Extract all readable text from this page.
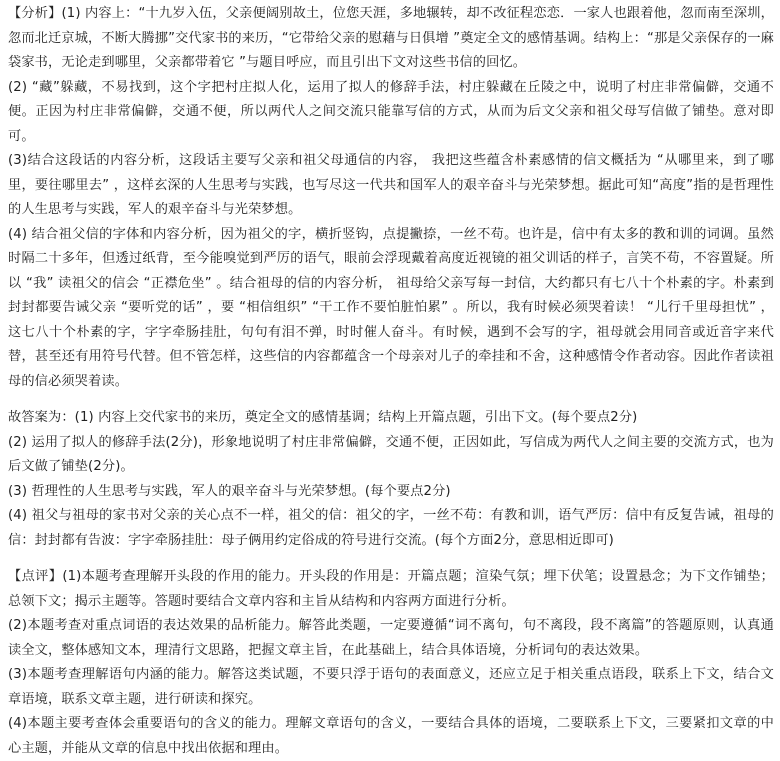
【分析】(1) 内容上：“十九岁入伍，父亲便阔别故土，位您天涯，多地辗转，却不改征程恋恋．一家人也跟着他，忽而南至深圳，忽而北迁京城，不断大腾挪”交代家书的来历，“它带给父亲的慰藉与日俱增 ”奠定全文的感情基调。结构上：“那是父亲保存的一麻袋家书，无论走到哪里，父亲都带着它 ”与题目呼应，而且引出下文对这些书信的回忆。

(2) “藏”躲藏，不易找到，这个字把村庄拟人化，运用了拟人的修辞手法，村庄躲藏在丘陵之中，说明了村庄非常偏僻，交通不便。正因为村庄非常偏僻，交通不便，所以两代人之间交流只能靠写信的方式，从而为后文父亲和祖父母写信做了铺垫。意对即可。

(3)结合这段话的内容分析，这段话主要写父亲和祖父母通信的内容， 我把这些蕴含朴素感情的信文概括为 “从哪里来，到了哪里，要往哪里去” ，这样玄深的人生思考与实践，也写尽这一代共和国军人的艰辛奋斗与光荣梦想。据此可知“高度”指的是哲理性的人生思考与实践，军人的艰辛奋斗与光荣梦想。

(4) 结合祖父信的字体和内容分析，因为祖父的字，横折竖钩，点提撇捺，一丝不苟。也许是，信中有太多的教和训的词调。虽然时隔二十多年，但透过纸背，至今能嗅觉到严厉的语气，眼前会浮现戴着高度近视镜的祖父训话的样子，言笑不苟，不容置疑。所以 “我” 读祖父的信会 “正襟危坐” 。结合祖母的信的内容分析， 祖母给父亲写每一封信，大约都只有七八十个朴素的字。朴素到封封都要告诫父亲 “要听党的话” ，要 “相信组织” “干工作不要怕脏怕累” 。所以，我有时候必须哭着读！ “儿行千里母担忧” ，这七八十个朴素的字，字字牵肠挂肚，句句有泪不弹，时时催人奋斗。有时候，遇到不会写的字，祖母就会用同音或近音字来代替，甚至还有用符号代替。但不管怎样，这些信的内容都蕴含一个母亲对儿子的牵挂和不舍，这种感情令作者动容。因此作者读祖母的信必须哭着读。

故答案为：(1) 内容上交代家书的来历，奠定全文的感情基调；结构上开篇点题，引出下文。(每个要点2分)

(2) 运用了拟人的修辞手法(2分)，形象地说明了村庄非常偏僻，交通不便，正因如此，写信成为两代人之间主要的交流方式，也为后文做了铺垫(2分)。

(3) 哲理性的人生思考与实践，军人的艰辛奋斗与光荣梦想。(每个要点2分)

(4) 祖父与祖母的家书对父亲的关心点不一样，祖父的信：祖父的字，一丝不苟：有教和训，语气严厉：信中有反复告诫，祖母的信：封封都有告波：字字牵肠挂肚：母子俩用约定俗成的符号进行交流。(每个方面2分，意思相近即可)

【点评】(1)本题考查理解开头段的作用的能力。开头段的作用是：开篇点题；渲染气氛；埋下伏笔；设置悬念；为下文作铺垫；总领下文；揭示主题等。答题时要结合文章内容和主旨从结构和内容两方面进行分析。

(2)本题考查对重点词语的表达效果的品析能力。解答此类题，一定要遵循“词不离句，句不离段，段不离篇”的答题原则，认真通读全文，整体感知文本，理清行文思路，把握文章主旨，在此基础上，结合具体语境，分析词句的表达效果。

(3)本题考查理解语句内涵的能力。解答这类试题，不要只浮于语句的表面意义，还应立足于相关重点语段，联系上下文，结合文章语境，联系文章主题，进行研读和探究。

(4)本题主要考查体会重要语句的含义的能力。理解文章语句的含义，一要结合具体的语境，二要联系上下文，三要紧扣文章的中心主题，并能从文章的信息中找出依据和理由。
